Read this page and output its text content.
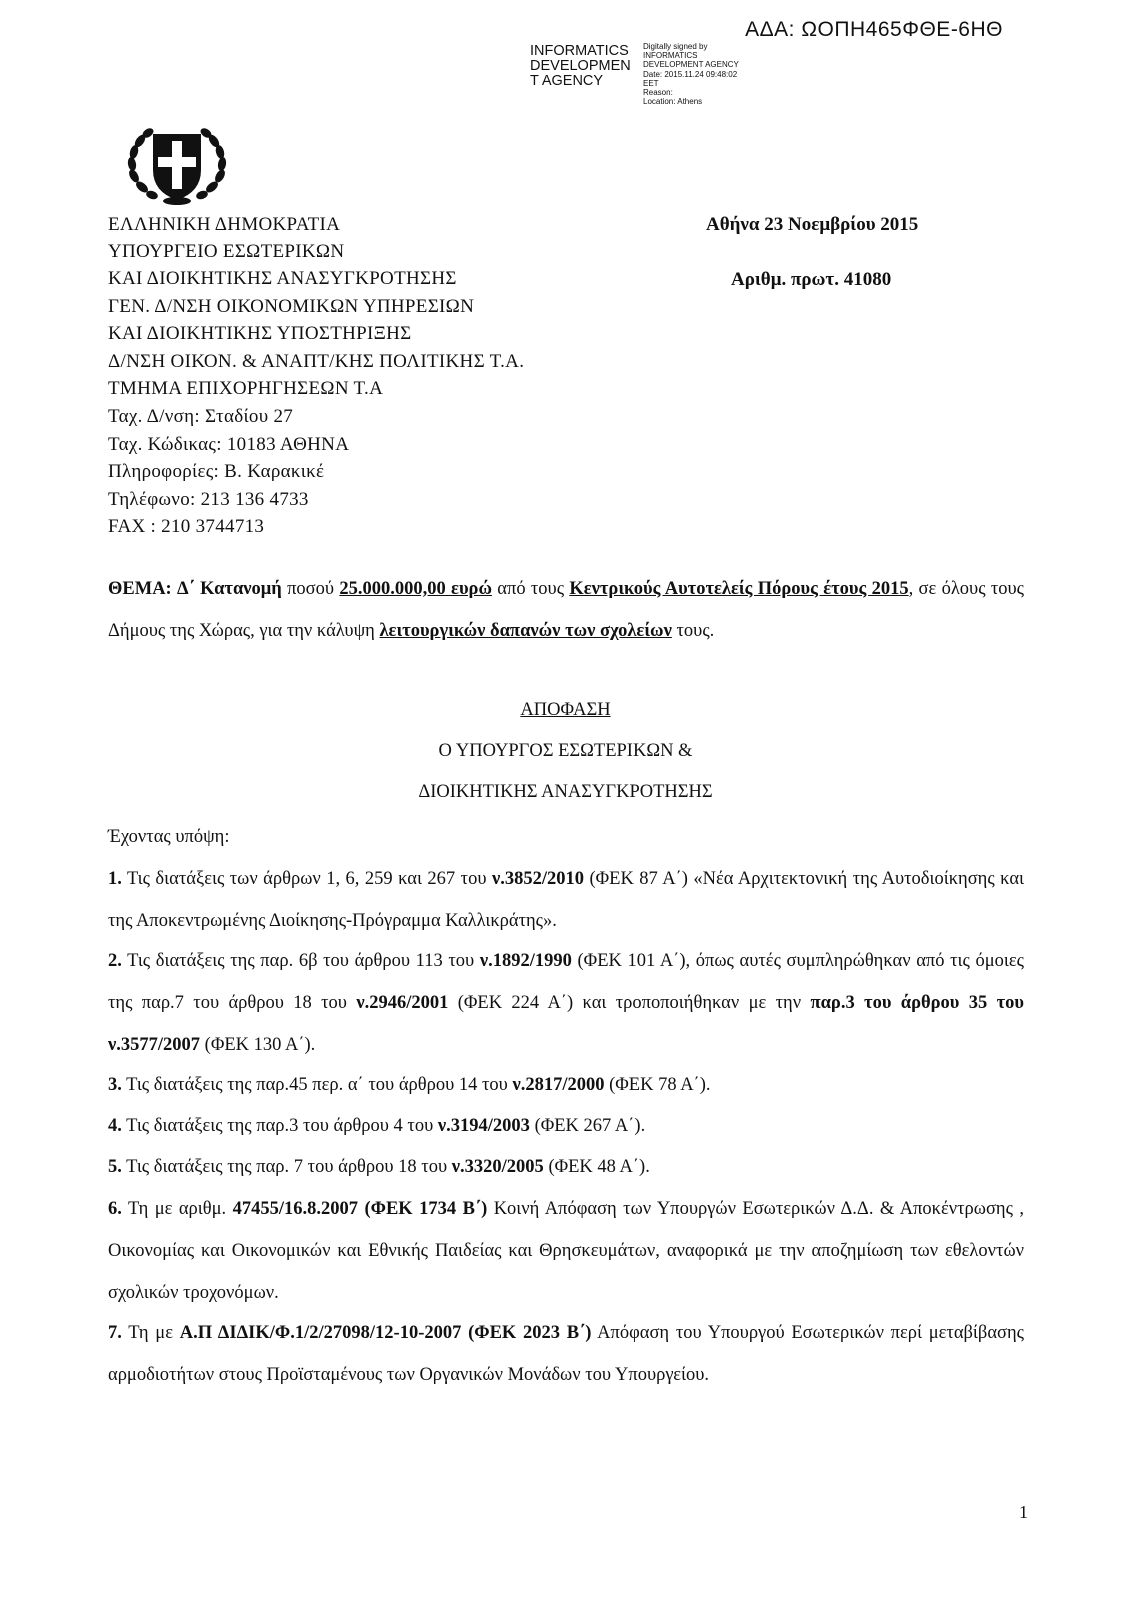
ΑΔΑ: ΩΟΠΗ465ΦΘΕ-6ΗΘ
INFORMATICS
DEVELOPMEN
T AGENCY
Digitally signed by
INFORMATICS
DEVELOPMENT AGENCY
Date: 2015.11.24 09:48:02
EET
Reason:
Location: Athens
ΕΛΛΗΝΙΚΗ ΔΗΜΟΚΡΑΤΙΑ
ΥΠΟΥΡΓΕΙΟ ΕΣΩΤΕΡΙΚΩΝ
ΚΑΙ ΔΙΟΙΚΗΤΙΚΗΣ ΑΝΑΣΥΓΚΡΟΤΗΣΗΣ
ΓΕΝ. Δ/ΝΣΗ ΟΙΚΟΝΟΜΙΚΩΝ ΥΠΗΡΕΣΙΩΝ
ΚΑΙ ΔΙΟΙΚΗΤΙΚΗΣ ΥΠΟΣΤΗΡΙΞΗΣ
Δ/ΝΣΗ ΟΙΚΟΝ. & ΑΝΑΠΤ/ΚΗΣ ΠΟΛΙΤΙΚΗΣ Τ.Α.
ΤΜΗΜΑ ΕΠΙΧΟΡΗΓΗΣΕΩΝ Τ.Α
Ταχ. Δ/νση: Σταδίου 27
Ταχ. Κώδικας: 10183 ΑΘΗΝΑ
Πληροφορίες: Β. Καρακικέ
Τηλέφωνο: 213 136 4733
FAX : 210 3744713
Αθήνα 23 Νοεμβρίου 2015
Αριθμ. πρωτ. 41080
ΘΕΜΑ: Δ΄ Κατανομή ποσού 25.000.000,00 ευρώ από τους Κεντρικούς Αυτοτελείς Πόρους έτους 2015, σε όλους τους Δήμους της Χώρας, για την κάλυψη λειτουργικών δαπανών των σχολείων τους.
ΑΠΟΦΑΣΗ
Ο ΥΠΟΥΡΓΟΣ ΕΣΩΤΕΡΙΚΩΝ &
ΔΙΟΙΚΗΤΙΚΗΣ ΑΝΑΣΥΓΚΡΟΤΗΣΗΣ
Έχοντας υπόψη:
1. Τις διατάξεις των άρθρων 1, 6, 259 και 267 του ν.3852/2010 (ΦΕΚ 87 Α΄) «Νέα Αρχιτεκτονική της Αυτοδιοίκησης και της Αποκεντρωμένης Διοίκησης-Πρόγραμμα Καλλικράτης».
2. Τις διατάξεις της παρ. 6β του άρθρου 113 του ν.1892/1990 (ΦΕΚ 101 Α΄), όπως αυτές συμπληρώθηκαν από τις όμοιες της παρ.7 του άρθρου 18 του ν.2946/2001 (ΦΕΚ 224 Α΄) και τροποποιήθηκαν με την παρ.3 του άρθρου 35 του ν.3577/2007 (ΦΕΚ 130 Α΄).
3. Τις διατάξεις της παρ.45 περ. α΄ του άρθρου 14 του ν.2817/2000 (ΦΕΚ 78 Α΄).
4. Τις διατάξεις της παρ.3 του άρθρου 4 του ν.3194/2003 (ΦΕΚ 267 Α΄).
5. Τις διατάξεις της παρ. 7 του άρθρου 18 του ν.3320/2005 (ΦΕΚ 48 Α΄).
6. Τη με αριθμ. 47455/16.8.2007 (ΦΕΚ 1734 Β΄) Κοινή Απόφαση των Υπουργών Εσωτερικών Δ.Δ. & Αποκέντρωσης , Οικονομίας και Οικονομικών και Εθνικής Παιδείας και Θρησκευμάτων, αναφορικά με την αποζημίωση των εθελοντών σχολικών τροχονόμων.
7. Τη με Α.Π ΔΙΔΙΚ/Φ.1/2/27098/12-10-2007 (ΦΕΚ 2023 Β΄) Απόφαση του Υπουργού Εσωτερικών περί μεταβίβασης αρμοδιοτήτων στους Προϊσταμένους των Οργανικών Μονάδων του Υπουργείου.
1
